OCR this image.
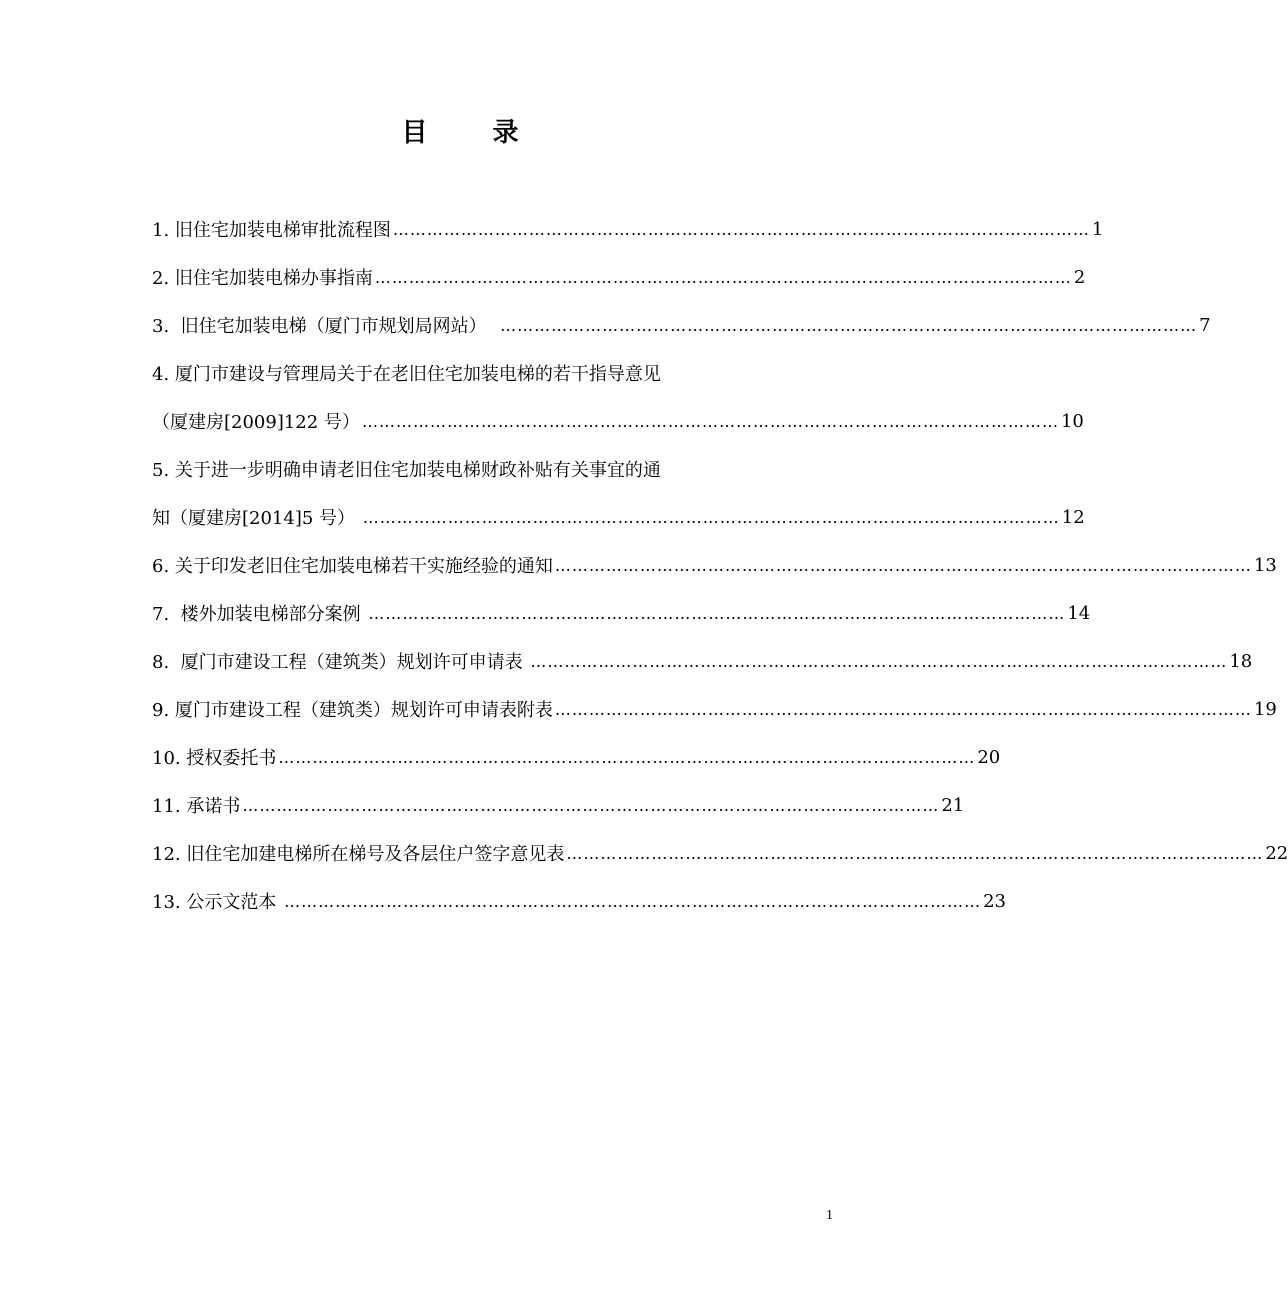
目 录
1. 旧住宅加装电梯审批流程图 …………………………………………………………………………………………………………… 1
2. 旧住宅加装电梯办事指南 …………………………………………………………………………………………………………… 2
3.  旧住宅加装电梯（厦门市规划局网站） …………………………………………………………………………………………………………… 7
4. 厦门市建设与管理局关于在老旧住宅加装电梯的若干指导意见
（厦建房[2009]122 号） …………………………………………………………………………………………………………… 10
5. 关于进一步明确申请老旧住宅加装电梯财政补贴有关事宜的通
知（厦建房[2014]5 号） …………………………………………………………………………………………………………… 12
6. 关于印发老旧住宅加装电梯若干实施经验的通知 …………………………………………………………………………………………………………… 13
7.  楼外加装电梯部分案例 …………………………………………………………………………………………………………… 14
8.  厦门市建设工程（建筑类）规划许可申请表 …………………………………………………………………………………………………………… 18
9. 厦门市建设工程（建筑类）规划许可申请表附表 …………………………………………………………………………………………………………… 19
10. 授权委托书 …………………………………………………………………………………………………………… 20
11. 承诺书 …………………………………………………………………………………………………………… 21
12. 旧住宅加建电梯所在梯号及各层住户签字意见表 …………………………………………………………………………………………………………… 22
13. 公示文范本 …………………………………………………………………………………………………………… 23
1
